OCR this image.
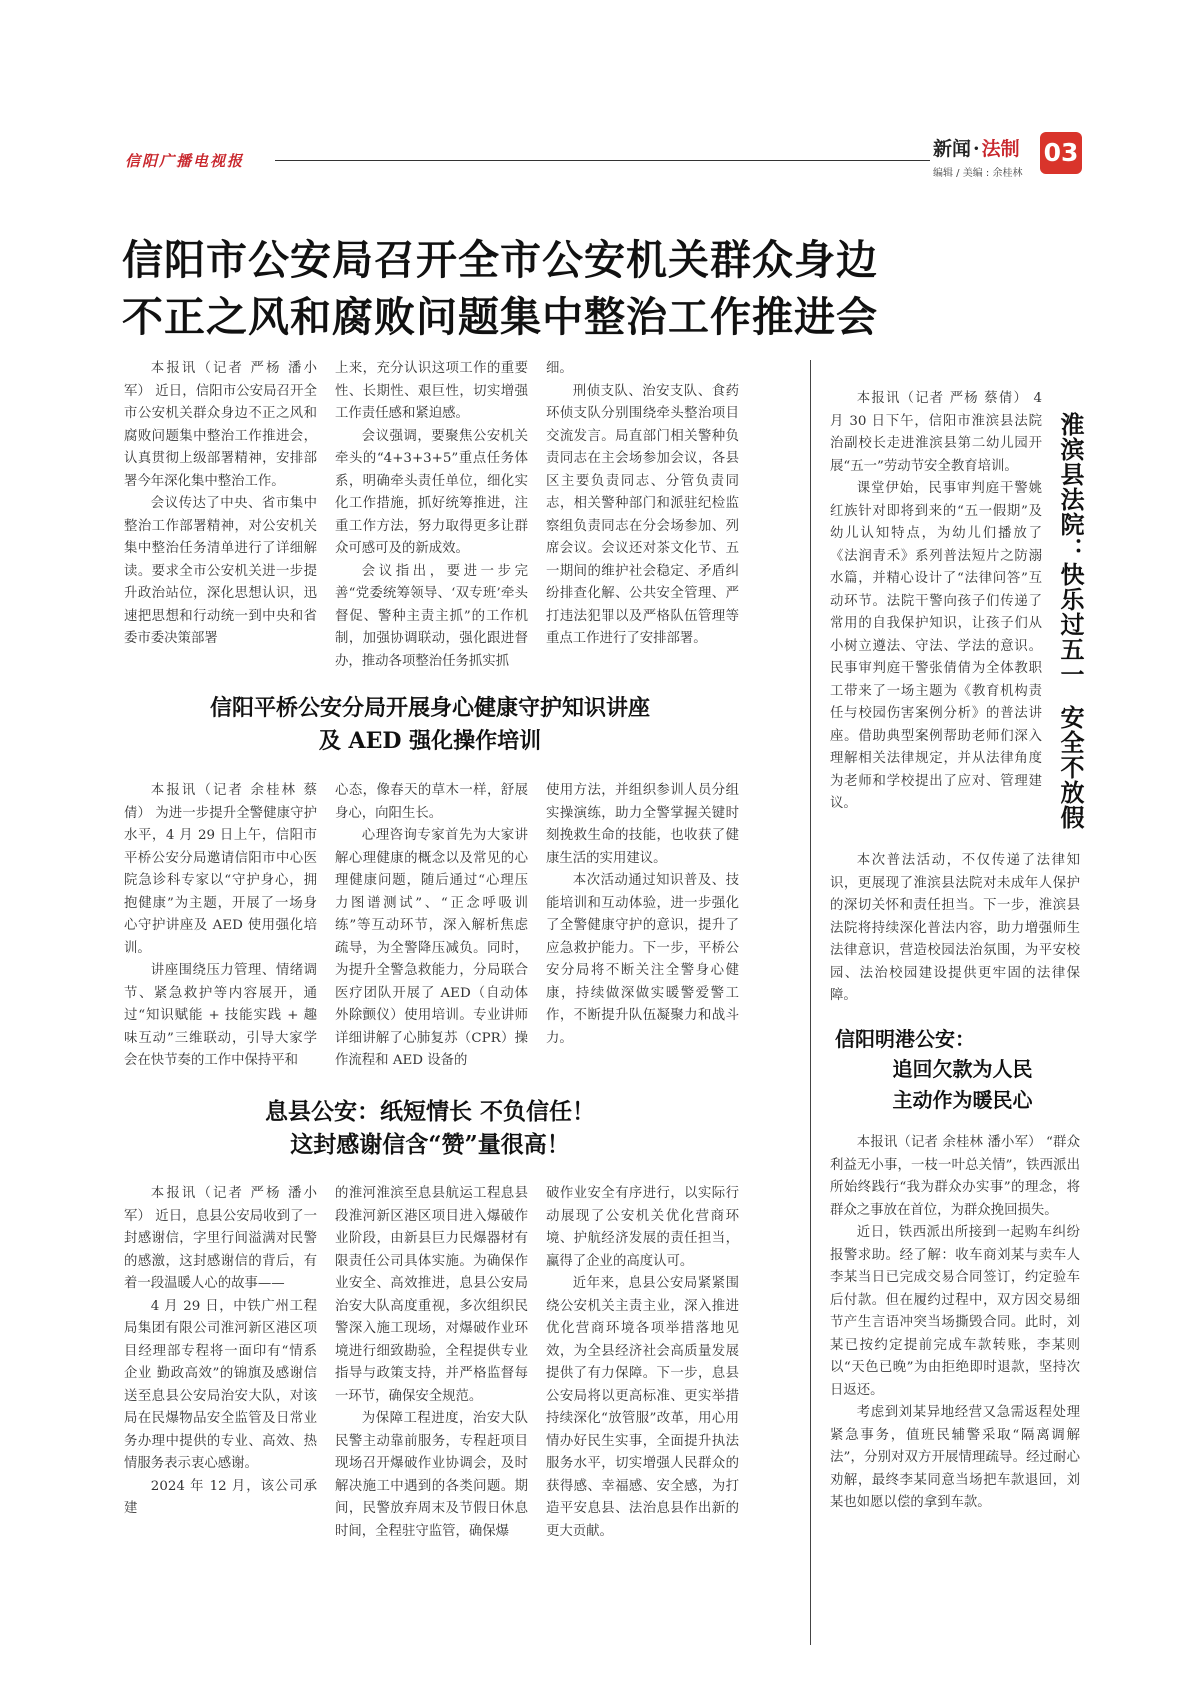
信阳广播电视报
新闻 · 法制
编辑 / 美编 : 余桂林
03
信阳市公安局召开全市公安机关群众身边
不正之风和腐败问题集中整治工作推进会

本报讯（记者 严杨 潘小军） 近日，信阳市公安局召开全市公安机关群众身边不正之风和腐败问题集中整治工作推进会，认真贯彻上级部署精神，安排部署今年深化集中整治工作。

会议传达了中央、省市集中整治工作部署精神，对公安机关集中整治任务清单进行了详细解读。要求全市公安机关进一步提升政治站位，深化思想认识，迅速把思想和行动统一到中央和省委市委决策部署

上来，充分认识这项工作的重要性、长期性、艰巨性，切实增强工作责任感和紧迫感。

会议强调，要聚焦公安机关牵头的“4+3+3+5”重点任务体系，明确牵头责任单位，细化实化工作措施，抓好统筹推进，注重工作方法，努力取得更多让群众可感可及的新成效。

会议指出，要进一步完善“党委统筹领导、‘双专班’牵头督促、警种主责主抓”的工作机制，加强协调联动，强化跟进督办，推动各项整治任务抓实抓

细。

刑侦支队、治安支队、食药环侦支队分别围绕牵头整治项目交流发言。局直部门相关警种负责同志在主会场参加会议，各县区主要负责同志、分管负责同志，相关警种部门和派驻纪检监察组负责同志在分会场参加、列席会议。会议还对茶文化节、五一期间的维护社会稳定、矛盾纠纷排查化解、公共安全管理、严打违法犯罪以及严格队伍管理等重点工作进行了安排部署。

信阳平桥公安分局开展身心健康守护知识讲座
及 AED 强化操作培训

本报讯（记者 余桂林 蔡倩） 为进一步提升全警健康守护水平，4 月 29 日上午，信阳市平桥公安分局邀请信阳市中心医院急诊科专家以“守护身心，拥抱健康”为主题，开展了一场身心守护讲座及 AED 使用强化培训。

讲座围绕压力管理、情绪调节、紧急救护等内容展开，通过“知识赋能 + 技能实践 + 趣味互动”三维联动，引导大家学会在快节奏的工作中保持平和

心态，像春天的草木一样，舒展身心，向阳生长。

心理咨询专家首先为大家讲解心理健康的概念以及常见的心理健康问题，随后通过“心理压力图谱测试”、“正念呼吸训练”等互动环节，深入解析焦虑疏导，为全警降压减负。同时，为提升全警急救能力，分局联合医疗团队开展了 AED（自动体外除颤仪）使用培训。专业讲师详细讲解了心肺复苏（CPR）操作流程和 AED 设备的

使用方法，并组织参训人员分组实操演练，助力全警掌握关键时刻挽救生命的技能，也收获了健康生活的实用建议。

本次活动通过知识普及、技能培训和互动体验，进一步强化了全警健康守护的意识，提升了应急救护能力。下一步，平桥公安分局将不断关注全警身心健康，持续做深做实暖警爱警工作，不断提升队伍凝聚力和战斗力。

息县公安：纸短情长 不负信任！
这封感谢信含“赞”量很高！

本报讯（记者 严杨 潘小军） 近日，息县公安局收到了一封感谢信，字里行间溢满对民警的感激，这封感谢信的背后，有着一段温暖人心的故事——

4 月 29 日，中铁广州工程局集团有限公司淮河新区港区项目经理部专程将一面印有“情系企业 勤政高效”的锦旗及感谢信送至息县公安局治安大队，对该局在民爆物品安全监管及日常业务办理中提供的专业、高效、热情服务表示衷心感谢。

2024 年 12 月，该公司承建

的淮河淮滨至息县航运工程息县段淮河新区港区项目进入爆破作业阶段，由新县巨力民爆器材有限责任公司具体实施。为确保作业安全、高效推进，息县公安局治安大队高度重视，多次组织民警深入施工现场，对爆破作业环境进行细致勘验，全程提供专业指导与政策支持，并严格监督每一环节，确保安全规范。

为保障工程进度，治安大队民警主动靠前服务，专程赶项目现场召开爆破作业协调会，及时解决施工中遇到的各类问题。期间，民警放弃周末及节假日休息时间，全程驻守监管，确保爆

破作业安全有序进行，以实际行动展现了公安机关优化营商环境、护航经济发展的责任担当，赢得了企业的高度认可。

近年来，息县公安局紧紧围绕公安机关主责主业，深入推进优化营商环境各项举措落地见效，为全县经济社会高质量发展提供了有力保障。下一步，息县公安局将以更高标准、更实举措持续深化“放管服”改革，用心用情办好民生实事，全面提升执法服务水平，切实增强人民群众的获得感、幸福感、安全感，为打造平安息县、法治息县作出新的更大贡献。

本报讯（记者 严杨 蔡倩） 4 月 30 日下午，信阳市淮滨县法院治副校长走进淮滨县第二幼儿园开展“五一”劳动节安全教育培训。

课堂伊始，民事审判庭干警姚红族针对即将到来的“五一假期”及幼儿认知特点，为幼儿们播放了《法润青禾》系列普法短片之防溺水篇，并精心设计了“法律问答”互动环节。法院干警向孩子们传递了常用的自我保护知识，让孩子们从小树立遵法、守法、学法的意识。民事审判庭干警张倩倩为全体教职工带来了一场主题为《教育机构责任与校园伤害案例分析》的普法讲座。借助典型案例帮助老师们深入理解相关法律规定，并从法律角度为老师和学校提出了应对、管理建议。

淮滨县法院：快乐过五一安全不放假

本次普法活动，不仅传递了法律知识，更展现了淮滨县法院对未成年人保护的深切关怀和责任担当。下一步，淮滨县法院将持续深化普法内容，助力增强师生法律意识，营造校园法治氛围，为平安校园、法治校园建设提供更牢固的法律保障。

信阳明港公安：
追回欠款为人民
主动作为暖民心

本报讯（记者 余桂林 潘小军） “群众利益无小事，一枝一叶总关情”，铁西派出所始终践行“我为群众办实事”的理念，将群众之事放在首位，为群众挽回损失。

近日，铁西派出所接到一起购车纠纷报警求助。经了解：收车商刘某与卖车人李某当日已完成交易合同签订，约定验车后付款。但在履约过程中，双方因交易细节产生言语冲突当场撕毁合同。此时，刘某已按约定提前完成车款转账，李某则以“天色已晚”为由拒绝即时退款，坚持次日返还。

考虑到刘某异地经营又急需返程处理紧急事务，值班民辅警采取“隔离调解法”，分别对双方开展情理疏导。经过耐心劝解，最终李某同意当场把车款退回，刘某也如愿以偿的拿到车款。
